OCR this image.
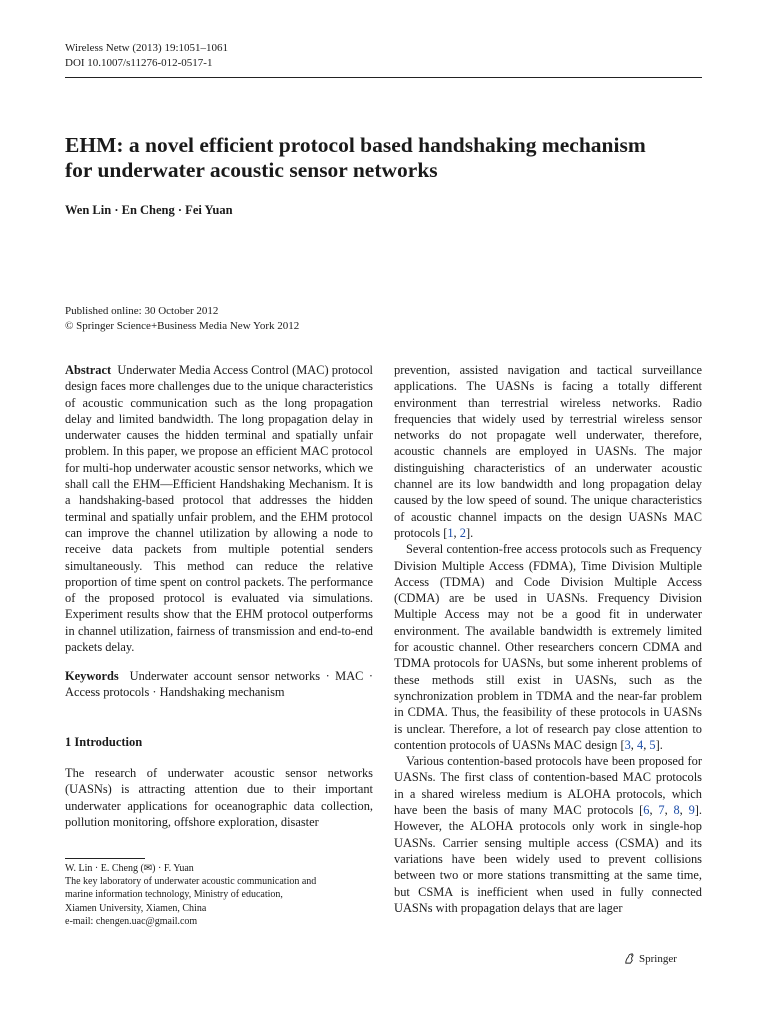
Wireless Netw (2013) 19:1051–1061
DOI 10.1007/s11276-012-0517-1
EHM: a novel efficient protocol based handshaking mechanism
for underwater acoustic sensor networks
Wen Lin · En Cheng · Fei Yuan
Published online: 30 October 2012
© Springer Science+Business Media New York 2012

Abstract Underwater Media Access Control (MAC) protocol design faces more challenges due to the unique characteristics of acoustic communication such as the long propagation delay and limited bandwidth. The long propagation delay in underwater causes the hidden terminal and spatially unfair problem. In this paper, we propose an efficient MAC protocol for multi-hop underwater acoustic sensor networks, which we shall call the EHM—Efficient Handshaking Mechanism. It is a handshaking-based protocol that addresses the hidden terminal and spatially unfair problem, and the EHM protocol can improve the channel utilization by allowing a node to receive data packets from multiple potential senders simultaneously. This method can reduce the relative proportion of time spent on control packets. The performance of the proposed protocol is evaluated via simulations. Experiment results show that the EHM protocol outperforms in channel utilization, fairness of transmission and end-to-end packets delay.

Keywords Underwater account sensor networks · MAC · Access protocols · Handshaking mechanism

1 Introduction

The research of underwater acoustic sensor networks (UASNs) is attracting attention due to their important underwater applications for oceanographic data collection, pollution monitoring, offshore exploration, disaster

W. Lin · E. Cheng (✉) · F. Yuan
The key laboratory of underwater acoustic communication and
marine information technology, Ministry of education,
Xiamen University, Xiamen, China
e-mail: chengen.uac@gmail.com

prevention, assisted navigation and tactical surveillance applications. The UASNs is facing a totally different environment than terrestrial wireless networks. Radio frequencies that widely used by terrestrial wireless sensor networks do not propagate well underwater, therefore, acoustic channels are employed in UASNs. The major distinguishing characteristics of an underwater acoustic channel are its low bandwidth and long propagation delay caused by the low speed of sound. The unique characteristics of acoustic channel impacts on the design UASNs MAC protocols [1, 2].

Several contention-free access protocols such as Frequency Division Multiple Access (FDMA), Time Division Multiple Access (TDMA) and Code Division Multiple Access (CDMA) are be used in UASNs. Frequency Division Multiple Access may not be a good fit in underwater environment. The available bandwidth is extremely limited for acoustic channel. Other researchers concern CDMA and TDMA protocols for UASNs, but some inherent problems of these methods still exist in UASNs, such as the synchronization problem in TDMA and the near-far problem in CDMA. Thus, the feasibility of these protocols in UASNs is unclear. Therefore, a lot of research pay close attention to contention protocols of UASNs MAC design [3, 4, 5].

Various contention-based protocols have been proposed for UASNs. The first class of contention-based MAC protocols in a shared wireless medium is ALOHA protocols, which have been the basis of many MAC protocols [6, 7, 8, 9]. However, the ALOHA protocols only work in single-hop UASNs. Carrier sensing multiple access (CSMA) and its variations have been widely used to prevent collisions between two or more stations transmitting at the same time, but CSMA is inefficient when used in fully connected UASNs with propagation delays that are lager

Springer
